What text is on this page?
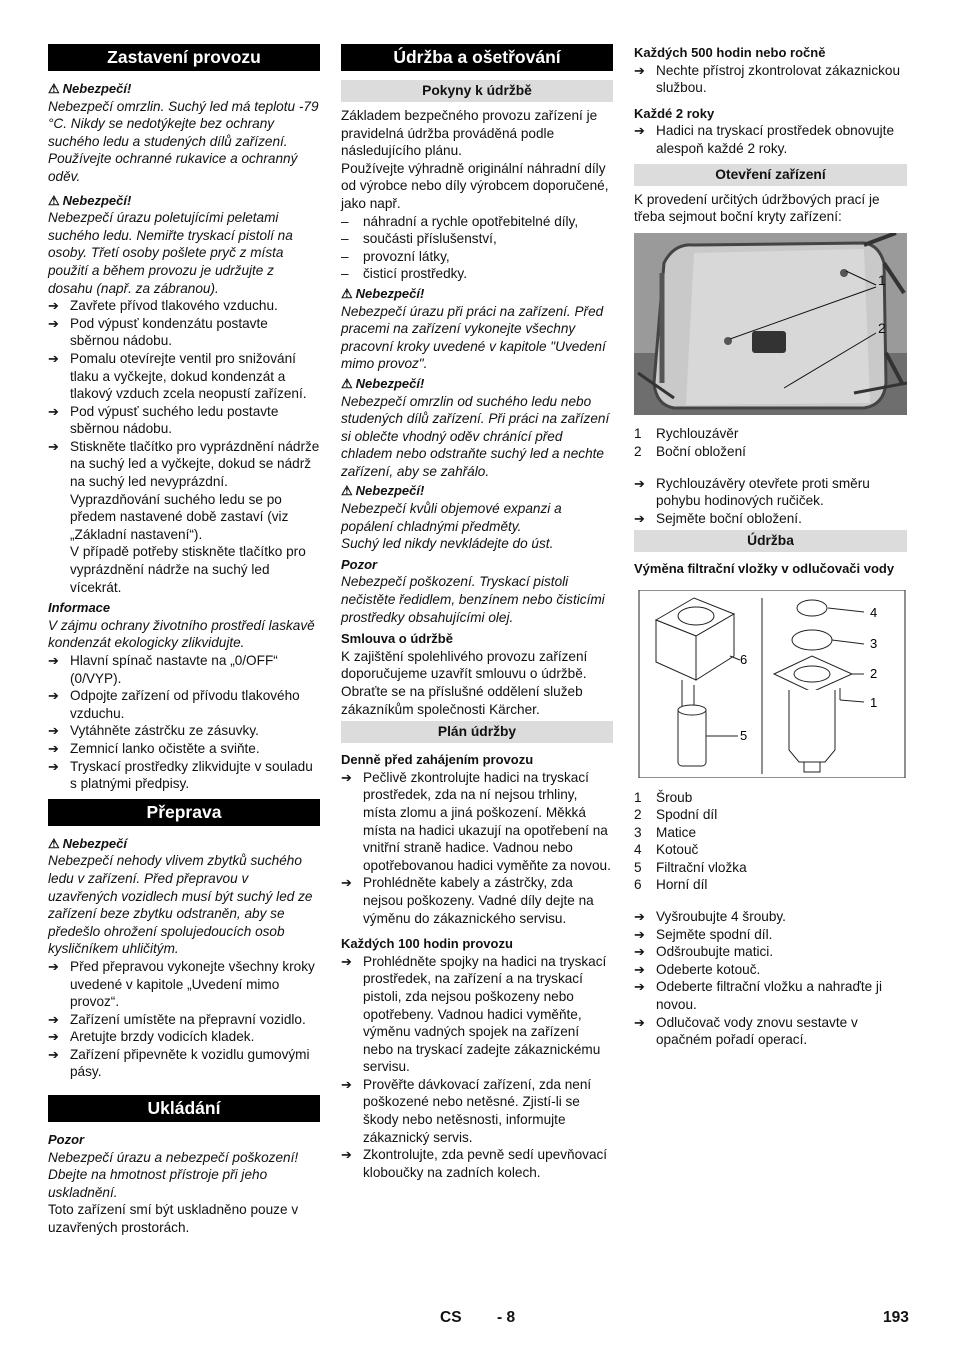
Zastavení provozu
⚠ Nebezpečí!

Nebezpečí omrzlin. Suchý led má teplotu -79 °C. Nikdy se nedotýkejte bez ochrany suchého ledu a studených dílů zařízení. Používejte ochranné rukavice a ochranný oděv.

⚠ Nebezpečí!

Nebezpečí úrazu poletujícími peletami suchého ledu. Nemiřte tryskací pistolí na osoby. Třetí osoby pošlete pryč z místa použití a během provozu je udržujte z dosahu (např. za zábranou).

➔ Zavřete přívod tlakového vzduchu.
➔ Pod výpusť kondenzátu postavte sběrnou nádobu.
➔ Pomalu otevírejte ventil pro snižování tlaku a vyčkejte, dokud kondenzát a tlakový vzduch zcela neopustí zařízení.
➔ Pod výpusť suchého ledu postavte sběrnou nádobu.
➔ Stiskněte tlačítko pro vyprázdnění nádrže na suchý led a vyčkejte, dokud se nádrž na suchý led nevyprázdní.

Vyprazdňování suchého ledu se po předem nastavené době zastaví (viz „Základní nastavení“).

V případě potřeby stiskněte tlačítko pro vyprázdnění nádrže na suchý led vícekrát.

Informace

V zájmu ochrany životního prostředí laskavě kondenzát ekologicky zlikvidujte.

➔ Hlavní spínač nastavte na „0/OFF“ (0/VYP).
➔ Odpojte zařízení od přívodu tlakového vzduchu.
➔ Vytáhněte zástrčku ze zásuvky.
➔ Zemnicí lanko očistěte a sviňte.
➔ Tryskací prostředky zlikvidujte v souladu s platnými předpisy.
Přeprava
⚠ Nebezpečí

Nebezpečí nehody vlivem zbytků suchého ledu v zařízení. Před přepravou v uzavřených vozidlech musí být suchý led ze zařízení beze zbytku odstraněn, aby se předešlo ohrožení spolujedoucích osob kysličníkem uhličitým.

➔ Před přepravou vykonejte všechny kroky uvedené v kapitole „Uvedení mimo provoz“.
➔ Zařízení umístěte na přepravní vozidlo.
➔ Aretujte brzdy vodicích kladek.
➔ Zařízení připevněte k vozidlu gumovými pásy.
Ukládání
Pozor

Nebezpečí úrazu a nebezpečí poškození! Dbejte na hmotnost přístroje při jeho uskladnění.

Toto zařízení smí být uskladněno pouze v uzavřených prostorách.

Údržba a ošetřování
Pokyny k údržbě

Základem bezpečného provozu zařízení je pravidelná údržba prováděná podle následujícího plánu.

Používejte výhradně originální náhradní díly od výrobce nebo díly výrobcem doporučené, jako např.

–	náhradní a rychle opotřebitelné díly,
–	součásti příslušenství,
–	provozní látky,
–	čisticí prostředky.
⚠ Nebezpečí!

Nebezpečí úrazu při práci na zařízení. Před pracemi na zařízení vykonejte všechny pracovní kroky uvedené v kapitole "Uvedení mimo provoz".

⚠ Nebezpečí!

Nebezpečí omrzlin od suchého ledu nebo studených dílů zařízení. Při práci na zařízení si oblečte vhodný oděv chránící před chladem nebo odstraňte suchý led a nechte zařízení, aby se zahřálo.

⚠ Nebezpečí!

Nebezpečí kvůli objemové expanzi a popálení chladnými předměty.

Suchý led nikdy nevkládejte do úst.

Pozor

Nebezpečí poškození. Tryskací pistoli nečistěte ředidlem, benzínem nebo čisticími prostředky obsahujícími olej.

Smlouva o údržbě

K zajištění spolehlivého provozu zařízení doporučujeme uzavřít smlouvu o údržbě. Obraťte se na příslušné oddělení služeb zákazníkům společnosti Kärcher.

Plán údržby
Denně před zahájením provozu
➔ Pečlivě zkontrolujte hadici na tryskací prostředek, zda na ní nejsou trhliny, místa zlomu a jiná poškození. Měkká místa na hadici ukazují na opotřebení na vnitřní straně hadice. Vadnou nebo opotřebovanou hadici vyměňte za novou.
➔ Prohlédněte kabely a zástrčky, zda nejsou poškozeny. Vadné díly dejte na výměnu do zákaznického servisu.
Každých 100 hodin provozu
➔ Prohlédněte spojky na hadici na tryskací prostředek, na zařízení a na tryskací pistoli, zda nejsou poškozeny nebo opotřebeny. Vadnou hadici vyměňte, výměnu vadných spojek na zařízení nebo na tryskací zadejte zákaznickému servisu.
➔ Prověřte dávkovací zařízení, zda není poškozené nebo netěsné. Zjistí-li se škody nebo netěsnosti, informujte zákaznický servis.
➔ Zkontrolujte, zda pevně sedí upevňovací kloboučky na zadních kolech.
Každých 500 hodin nebo ročně
➔ Nechte přístroj zkontrolovat zákaznickou službou.
Každé 2 roky
➔ Hadici na tryskací prostředek obnovujte alespoň každé 2 roky.
Otevření zařízení

K provedení určitých údržbových prací je třeba sejmout boční kryty zařízení:

1
2
1	Rychlouzávěr
2	Boční obložení
➔ Rychlouzávěry otevřete proti směru pohybu hodinových ručiček.
➔ Sejměte boční obložení.
Údržba
Výměna filtrační vložky v odlučovači vody
6
5
4
3
2
1
1	Šroub
2	Spodní díl
3	Matice
4	Kotouč
5	Filtrační vložka
6	Horní díl
➔ Vyšroubujte 4 šrouby.
➔ Sejměte spodní díl.
➔ Odšroubujte matici.
➔ Odeberte kotouč.
➔ Odeberte filtrační vložku a nahraďte ji novou.
➔ Odlučovač vody znovu sestavte v opačném pořadí operací.
CS - 8	193
